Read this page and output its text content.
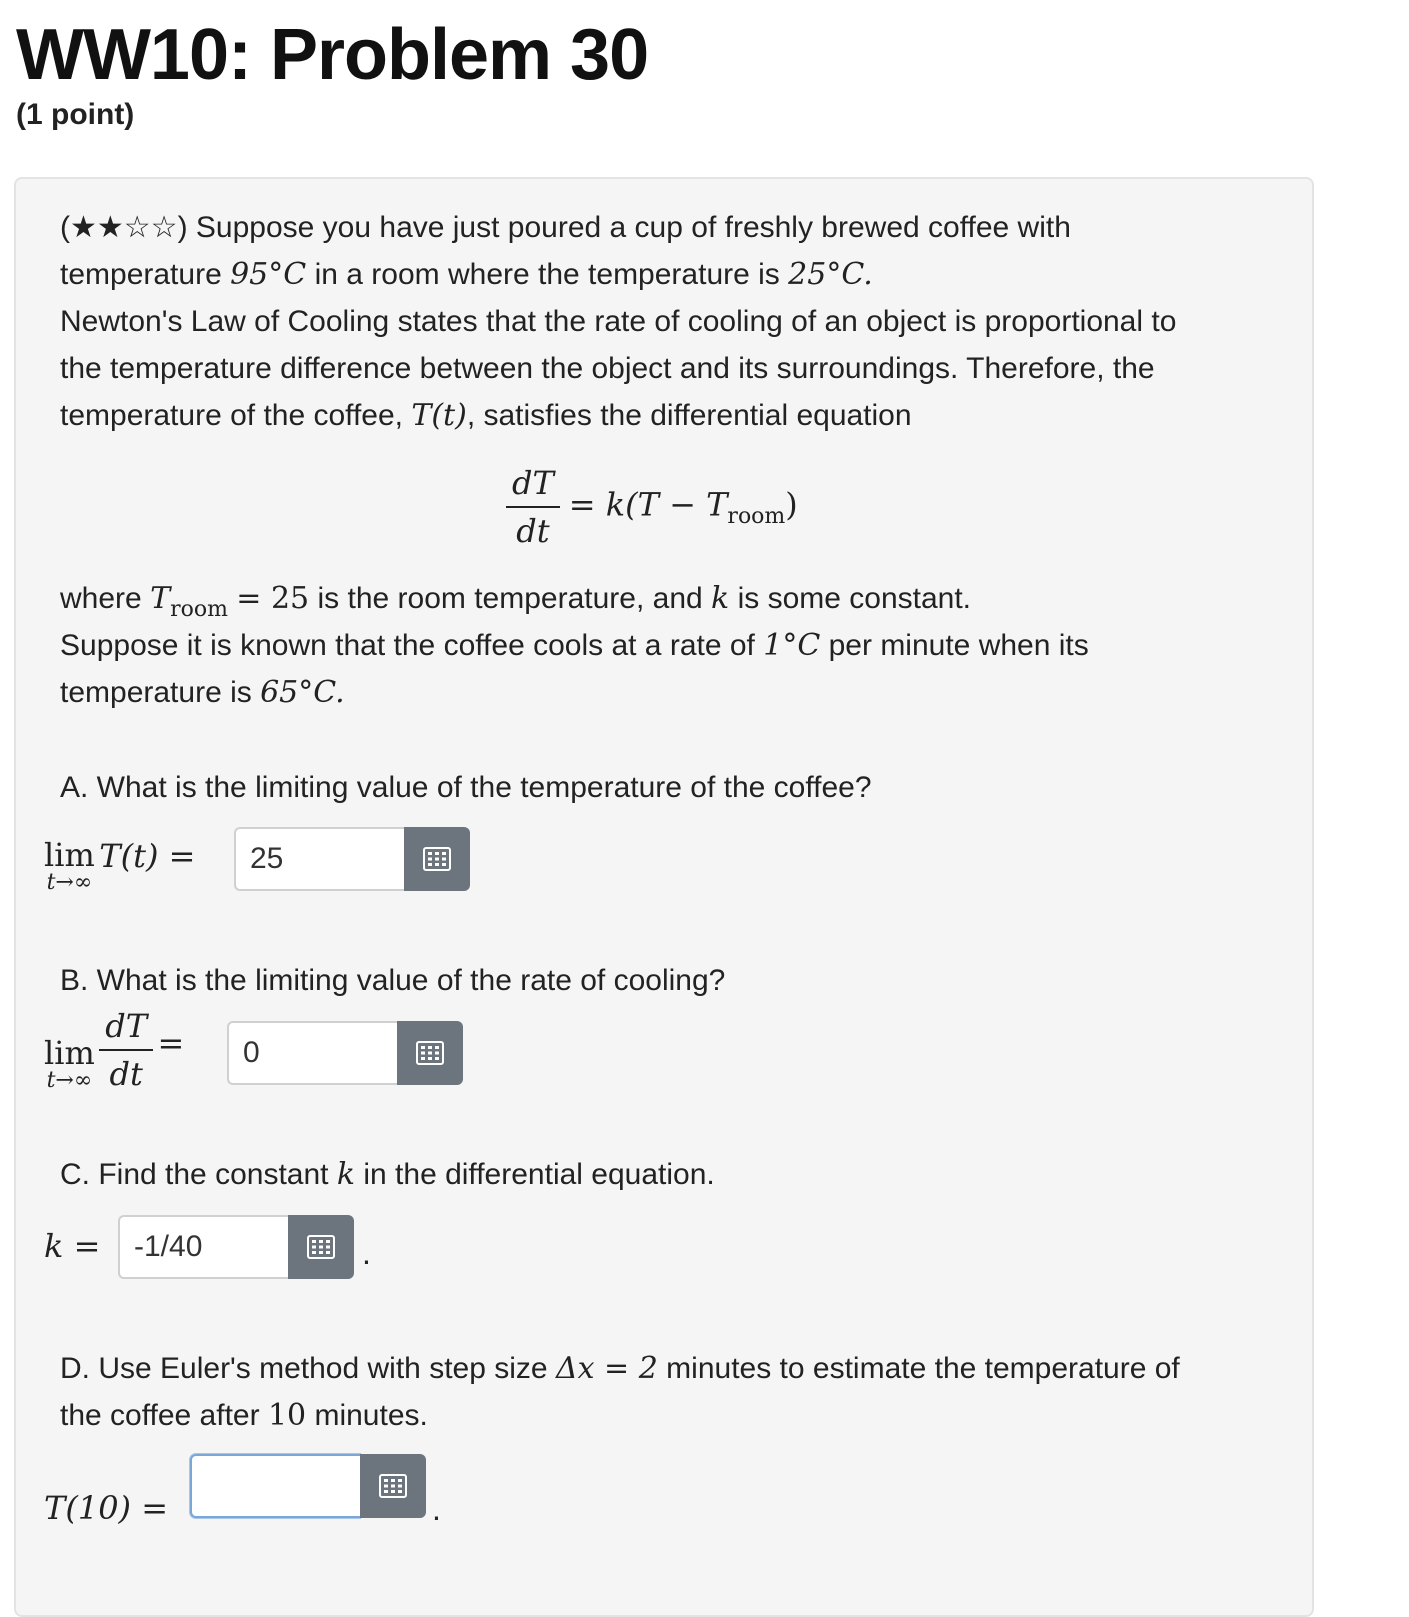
WW10: Problem 30
(1 point)
(★★☆☆) Suppose you have just poured a cup of freshly brewed coffee with
temperature 95°C in a room where the temperature is 25°C.
Newton's Law of Cooling states that the rate of cooling of an object is proportional to
the temperature difference between the object and its surroundings. Therefore, the
temperature of the coffee, T(t), satisfies the differential equation
$\frac{dT}{dt} = k(T - T_{room})$
where $T_{room} = 25$ is the room temperature, and k is some constant.
Suppose it is known that the coffee cools at a rate of 1°C per minute when its
temperature is 65°C.
A. What is the limiting value of the temperature of the coffee?
lim
t→∞
T(t) =
25
B. What is the limiting value of the rate of cooling?
lim
t→∞
$\frac{dT}{dt}$ =
0
C. Find the constant k in the differential equation.
k =
-1/40	.
D. Use Euler's method with step size Δx = 2 minutes to estimate the temperature of
the coffee after 10 minutes.
T(10) =	.
